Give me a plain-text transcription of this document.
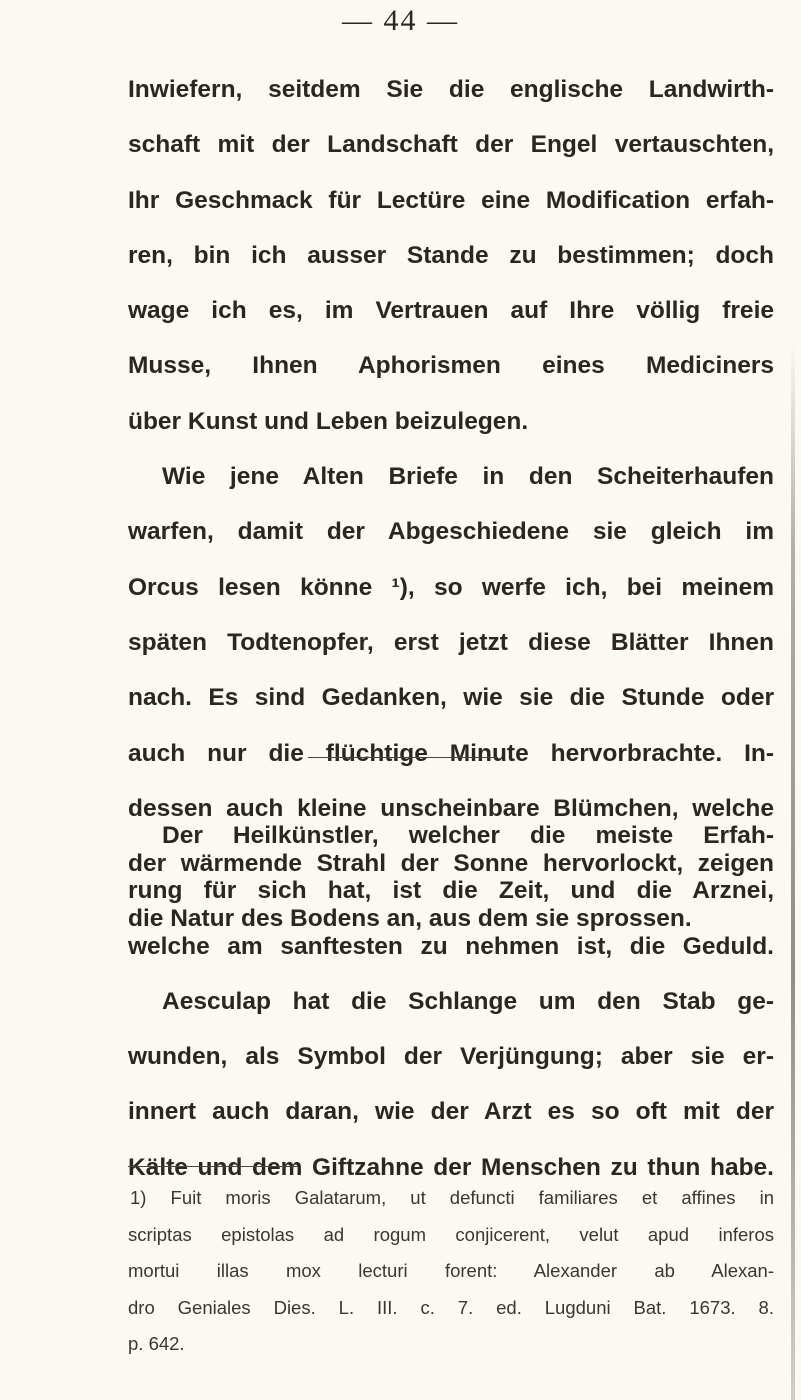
— 44 —
Inwiefern, seitdem Sie die englische Landwirth-
schaft mit der Landschaft der Engel vertauschten,
Ihr Geschmack für Lectüre eine Modification erfah-
ren, bin ich ausser Stande zu bestimmen; doch
wage ich es, im Vertrauen auf Ihre völlig freie
Musse, Ihnen Aphorismen eines Mediciners
über Kunst und Leben beizulegen.
Wie jene Alten Briefe in den Scheiterhaufen
warfen, damit der Abgeschiedene sie gleich im
Orcus lesen könne ¹), so werfe ich, bei meinem
späten Todtenopfer, erst jetzt diese Blätter Ihnen
nach. Es sind Gedanken, wie sie die Stunde oder
auch nur die flüchtige Minute hervorbrachte. In-
dessen auch kleine unscheinbare Blümchen, welche
der wärmende Strahl der Sonne hervorlockt, zeigen
die Natur des Bodens an, aus dem sie sprossen.
Der Heilkünstler, welcher die meiste Erfah-
rung für sich hat, ist die Zeit, und die Arznei,
welche am sanftesten zu nehmen ist, die Geduld.
Aesculap hat die Schlange um den Stab ge-
wunden, als Symbol der Verjüngung; aber sie er-
innert auch daran, wie der Arzt es so oft mit der
Kälte und dem Giftzahne der Menschen zu thun habe.
1) Fuit moris Galatarum, ut defuncti familiares et affines in
scriptas epistolas ad rogum conjicerent, velut apud inferos
mortui illas mox lecturi forent: Alexander ab Alexan-
dro Geniales Dies. L. III. c. 7. ed. Lugduni Bat. 1673. 8.
p. 642.
